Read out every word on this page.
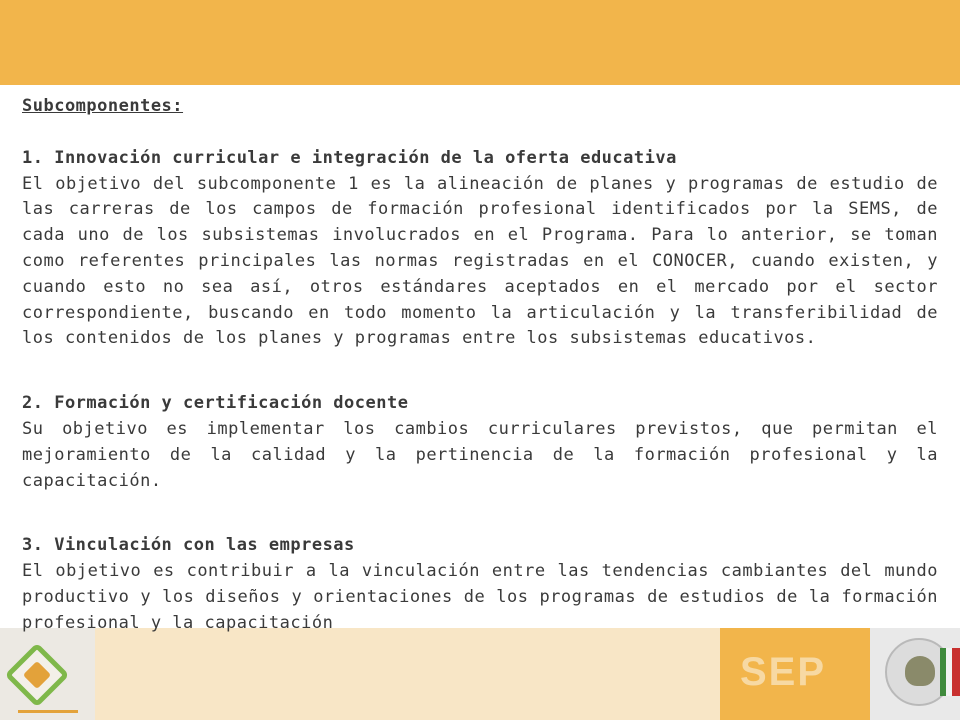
SEP

Subcomponentes:

1. Innovación curricular e integración de la oferta educativa

El objetivo del subcomponente 1 es la alineación de planes y programas de estudio de las carreras de los campos de formación profesional identificados por la SEMS, de cada uno de los subsistemas involucrados en el Programa. Para lo anterior, se toman como referentes principales las normas registradas en el CONOCER, cuando existen, y cuando esto no sea así, otros estándares aceptados en el mercado por el sector correspondiente, buscando en todo momento la articulación y la transferibilidad de los contenidos de los planes y programas entre los subsistemas educativos.

2. Formación y certificación docente

Su objetivo es implementar los cambios curriculares previstos, que permitan el mejoramiento de la calidad y la pertinencia de la formación profesional y la capacitación.

3. Vinculación con las empresas

El objetivo es contribuir a la vinculación entre las tendencias cambiantes del mundo productivo y los diseños y orientaciones de los programas de estudios de la formación profesional y la capacitación
